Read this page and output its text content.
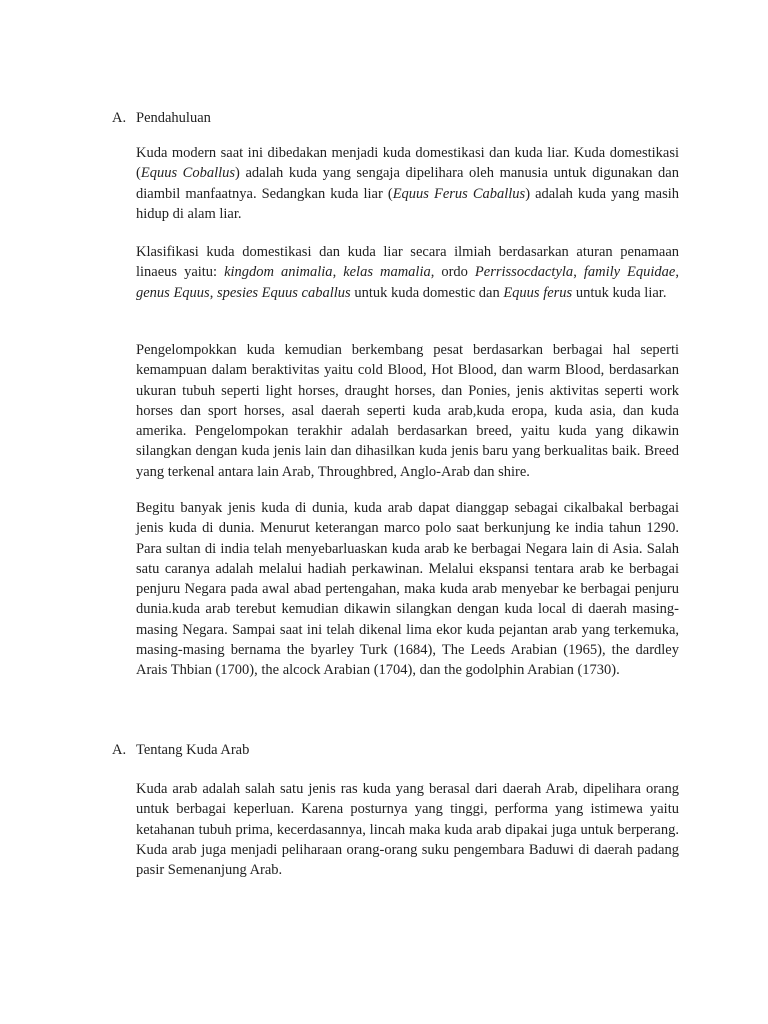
A. Pendahuluan

Kuda modern saat ini dibedakan menjadi kuda domestikasi dan kuda liar. Kuda domestikasi (Equus Coballus) adalah kuda yang sengaja dipelihara oleh manusia untuk digunakan dan diambil manfaatnya. Sedangkan kuda liar (Equus Ferus Caballus) adalah kuda yang masih hidup di alam liar.

Klasifikasi kuda domestikasi dan kuda liar secara ilmiah berdasarkan aturan penamaan linaeus yaitu: kingdom animalia, kelas mamalia, ordo Perrissocdactyla, family Equidae, genus Equus, spesies Equus caballus untuk kuda domestic dan Equus ferus untuk kuda liar.

Pengelompokkan kuda kemudian berkembang pesat berdasarkan berbagai hal seperti kemampuan dalam beraktivitas yaitu cold Blood, Hot Blood, dan warm Blood, berdasarkan ukuran tubuh seperti light horses, draught horses, dan Ponies, jenis aktivitas seperti work horses dan sport horses, asal daerah seperti kuda arab,kuda eropa, kuda asia, dan kuda amerika. Pengelompokan terakhir adalah berdasarkan breed, yaitu kuda yang dikawin silangkan dengan kuda jenis lain dan dihasilkan kuda jenis baru yang berkualitas baik. Breed yang terkenal antara lain Arab, Throughbred, Anglo-Arab dan shire.

Begitu banyak jenis kuda di dunia, kuda arab dapat dianggap sebagai cikalbakal berbagai jenis kuda di dunia. Menurut keterangan marco polo saat berkunjung ke india tahun 1290. Para sultan di india telah menyebarluaskan kuda arab ke berbagai Negara lain di Asia. Salah satu caranya adalah melalui hadiah perkawinan. Melalui ekspansi tentara arab ke berbagai penjuru Negara pada awal abad pertengahan, maka kuda arab menyebar ke berbagai penjuru dunia.kuda arab terebut kemudian dikawin silangkan dengan kuda local di daerah masing-masing Negara. Sampai saat ini telah dikenal lima ekor kuda pejantan arab yang terkemuka, masing-masing bernama the byarley Turk (1684), The Leeds Arabian (1965), the dardley Arais Thbian (1700), the alcock Arabian (1704), dan the godolphin Arabian (1730).

A. Tentang Kuda Arab

Kuda arab adalah salah satu jenis ras kuda yang berasal dari daerah Arab, dipelihara orang untuk berbagai keperluan. Karena posturnya yang tinggi, performa yang istimewa yaitu ketahanan tubuh prima, kecerdasannya, lincah maka kuda arab dipakai juga untuk berperang. Kuda arab juga menjadi peliharaan orang-orang suku pengembara Baduwi di daerah padang pasir Semenanjung Arab.
